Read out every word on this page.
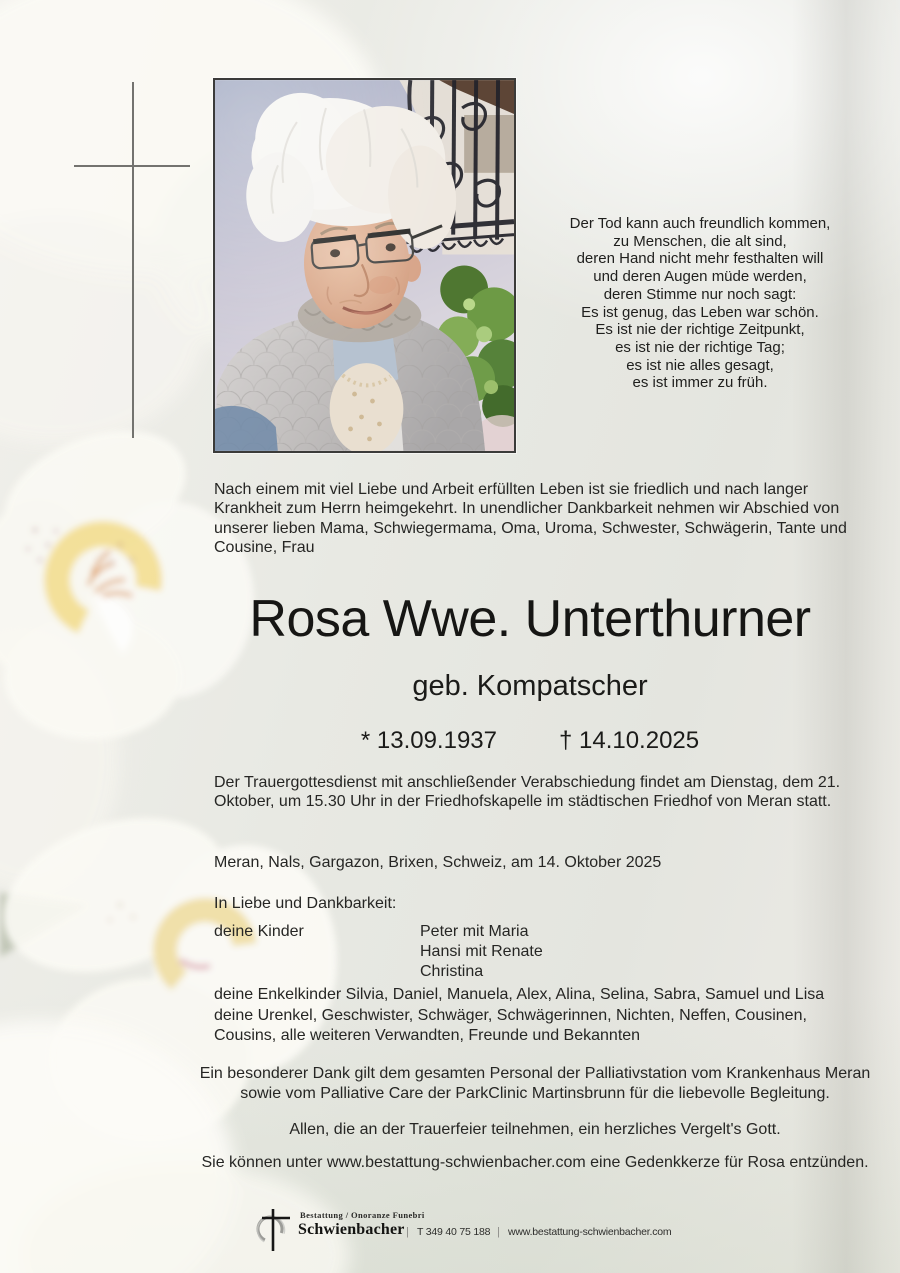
Der Tod kann auch freundlich kommen,
zu Menschen, die alt sind,
deren Hand nicht mehr festhalten will
und deren Augen müde werden,
deren Stimme nur noch sagt:
Es ist genug, das Leben war schön.
Es ist nie der richtige Zeitpunkt,
es ist nie der richtige Tag;
es ist nie alles gesagt,
es ist immer zu früh.
Nach einem mit viel Liebe und Arbeit erfüllten Leben ist sie friedlich und nach langer Krankheit zum Herrn heimgekehrt. In unendlicher Dankbarkeit nehmen wir Abschied von unserer lieben Mama, Schwiegermama, Oma, Uroma, Schwester, Schwägerin, Tante und Cousine, Frau
Rosa Wwe. Unterthurner
geb. Kompatscher
* 13.09.1937	† 14.10.2025
Der Trauergottesdienst mit anschließender Verabschiedung findet am Dienstag, dem 21. Oktober, um 15.30 Uhr in der Friedhofskapelle im städtischen Friedhof von Meran statt.
Meran, Nals, Gargazon, Brixen, Schweiz, am 14. Oktober 2025
In Liebe und Dankbarkeit:
deine Kinder	Peter mit Maria
Hansi mit Renate
Christina
deine Enkelkinder Silvia, Daniel, Manuela, Alex, Alina, Selina, Sabra, Samuel und Lisa
deine Urenkel, Geschwister, Schwäger, Schwägerinnen, Nichten, Neffen, Cousinen,
Cousins, alle weiteren Verwandten, Freunde und Bekannten
Ein besonderer Dank gilt dem gesamten Personal der Palliativstation vom Krankenhaus Meran sowie vom Palliative Care der ParkClinic Martinsbrunn für die liebevolle Begleitung.
Allen, die an der Trauerfeier teilnehmen, ein herzliches Vergelt's Gott.
Sie können unter www.bestattung-schwienbacher.com eine Gedenkkerze für Rosa entzünden.
Bestattung / Onoranze Funebri
Schwienbacher | T 349 40 75 188 | www.bestattung-schwienbacher.com
